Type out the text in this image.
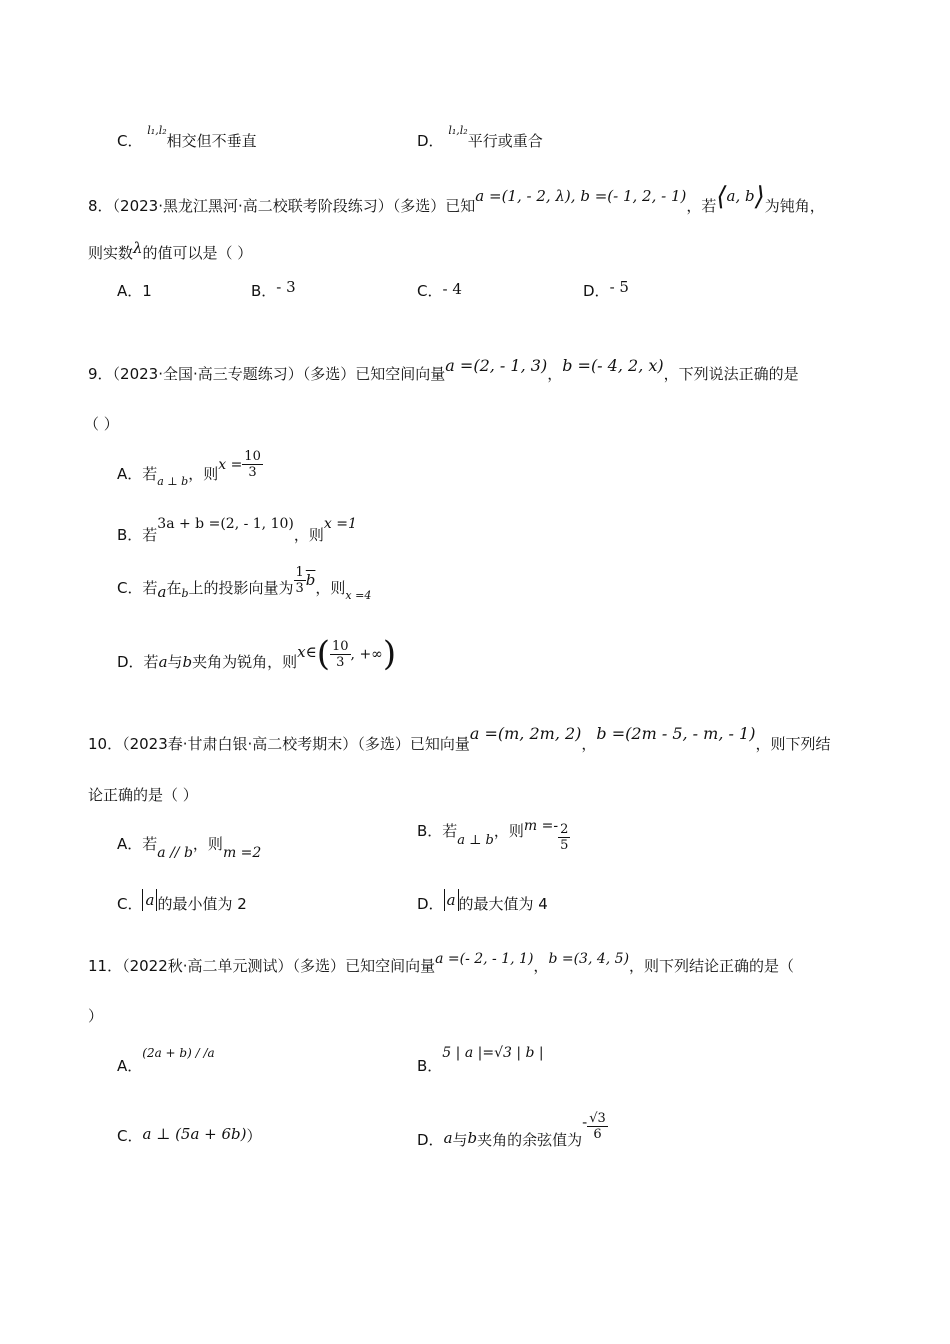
C． $^{l_1,l_2}$相交但不垂直	D． $^{l_1,l_2}$平行或重合
8．（2023·黑龙江黑河·高二校联考阶段练习）（多选）已知a =(1, - 2, λ), b =(- 1, 2, - 1)，若⟨a, b⟩为钝角，
则实数λ的值可以是（ ）
A．1	B．- 3	C．- 4	D．- 5
9．（2023·全国·高三专题练习）（多选）已知空间向量a =(2, - 1, 3)，b =(- 4, 2, x)，下列说法正确的是
（ ）
A．若$_{a \perp b}$，则$x = \frac{10}{3}$
B．若3a + b =(2, - 1, 10)，则x =1
C．若a在$_b$上的投影向量为 $\frac{1}{3} \overline{b}$，则$_{x =4}$
D．若a与b夹角为锐角，则x∈( $\frac{10}{3}$ , +∞)
10．（2023春·甘肃白银·高二校考期末）（多选）已知向量a =(m, 2m, 2)，b =(2m - 5, - m, - 1)，则下列结
论正确的是（ ）
A．若a // b，则m =2
B．若a ⊥ b，则$m =- \frac{2}{5}$
C． a 的最小值为 2	D． a 的最大值为 4
11．（2022秋·高二单元测试）（多选）已知空间向量a =(- 2, - 1, 1)，b =(3, 4, 5)，则下列结论正确的是（
）
A．(2a + b) / /a
B．5 | a |=√3 | b |
C．a ⊥ (5a + 6b)）	D．a与b夹角的余弦值为- $\frac{√3}{6}$
